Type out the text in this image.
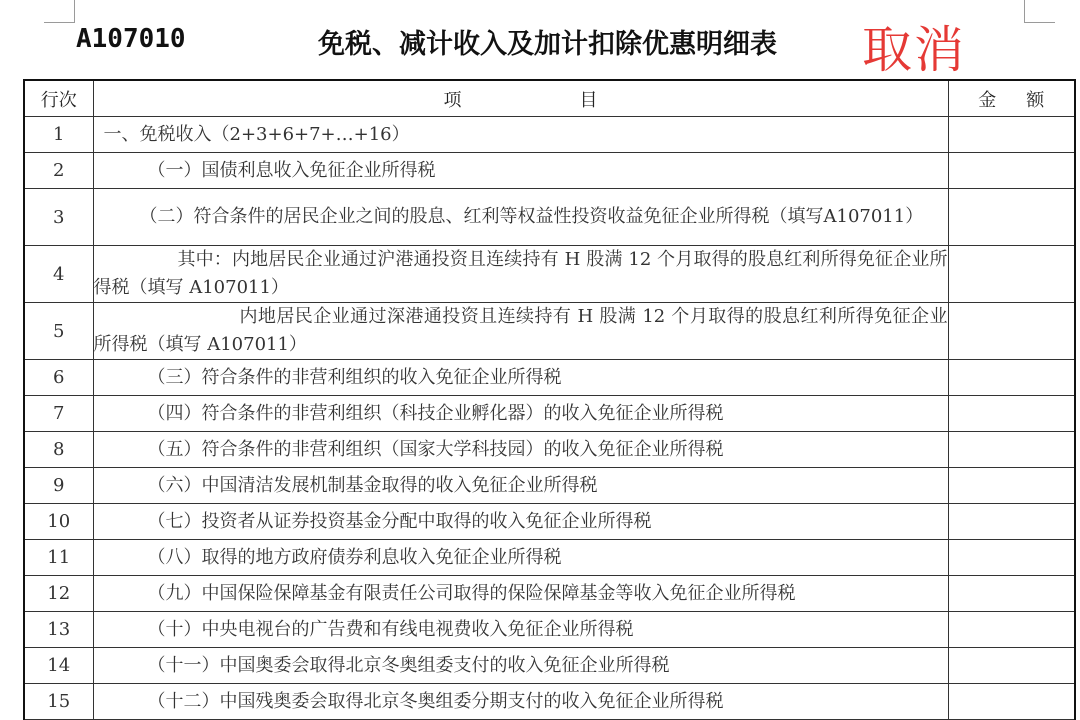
A107010	免税、减计收入及加计扣除优惠明细表 取消
行次	项 目	金 额
1	一、免税收入（2+3+6+7+…+16）	
2	（一）国债利息收入免征企业所得税	
3	（二）符合条件的居民企业之间的股息、红利等权益性投资收益免征企业所得税（填写A107011）	
4	其中：内地居民企业通过沪港通投资且连续持有 H 股满 12 个月取得的股息红利所得免征企业所得税（填写 A107011）	
5	内地居民企业通过深港通投资且连续持有 H 股满 12 个月取得的股息红利所得免征企业所得税（填写 A107011）	
6	（三）符合条件的非营利组织的收入免征企业所得税	
7	（四）符合条件的非营利组织（科技企业孵化器）的收入免征企业所得税	
8	（五）符合条件的非营利组织（国家大学科技园）的收入免征企业所得税	
9	（六）中国清洁发展机制基金取得的收入免征企业所得税	
10	（七）投资者从证券投资基金分配中取得的收入免征企业所得税	
11	（八）取得的地方政府债券利息收入免征企业所得税	
12	（九）中国保险保障基金有限责任公司取得的保险保障基金等收入免征企业所得税	
13	（十）中央电视台的广告费和有线电视费收入免征企业所得税	
14	（十一）中国奥委会取得北京冬奥组委支付的收入免征企业所得税	
15	（十二）中国残奥委会取得北京冬奥组委分期支付的收入免征企业所得税	
